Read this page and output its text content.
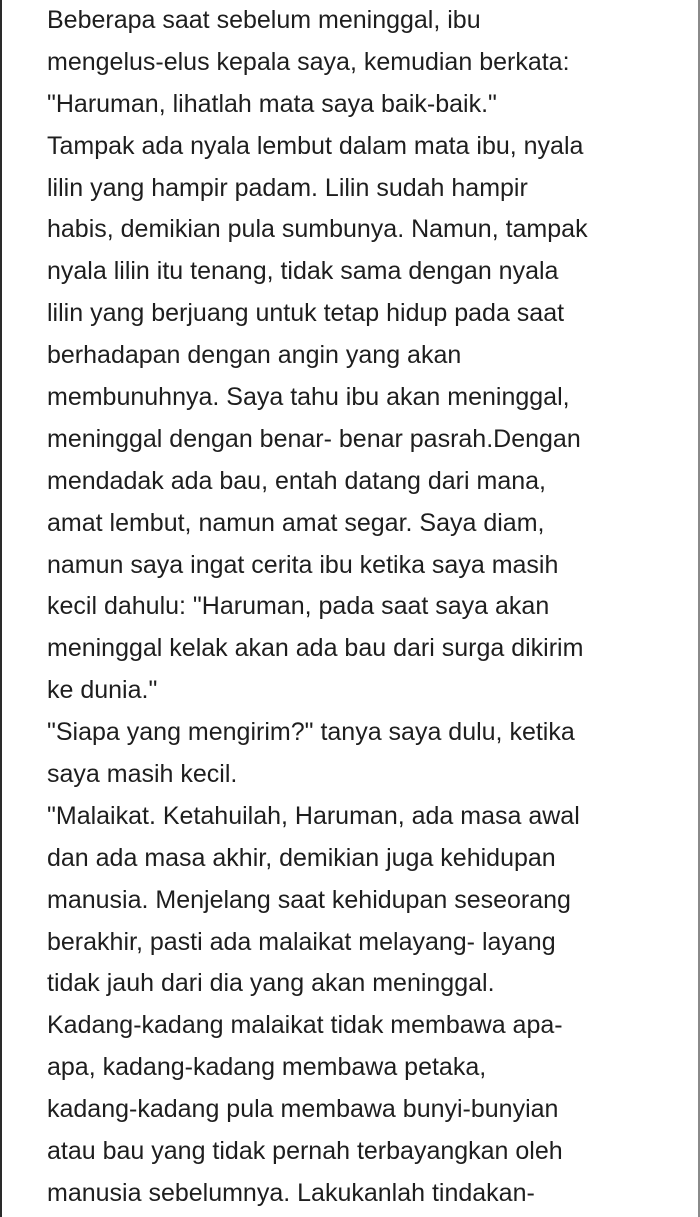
Beberapa saat sebelum meninggal, ibu
mengelus-elus kepala saya, kemudian berkata:
"Haruman, lihatlah mata saya baik-baik."
Tampak ada nyala lembut dalam mata ibu, nyala
lilin yang hampir padam. Lilin sudah hampir
habis, demikian pula sumbunya. Namun, tampak
nyala lilin itu tenang, tidak sama dengan nyala
lilin yang berjuang untuk tetap hidup pada saat
berhadapan dengan angin yang akan
membunuhnya. Saya tahu ibu akan meninggal,
meninggal dengan benar- benar pasrah.Dengan
mendadak ada bau, entah datang dari mana,
amat lembut, namun amat segar. Saya diam,
namun saya ingat cerita ibu ketika saya masih
kecil dahulu: "Haruman, pada saat saya akan
meninggal kelak akan ada bau dari surga dikirim
ke dunia."
"Siapa yang mengirim?" tanya saya dulu, ketika
saya masih kecil.
"Malaikat. Ketahuilah, Haruman, ada masa awal
dan ada masa akhir, demikian juga kehidupan
manusia. Menjelang saat kehidupan seseorang
berakhir, pasti ada malaikat melayang- layang
tidak jauh dari dia yang akan meninggal.
Kadang-kadang malaikat tidak membawa apa-
apa, kadang-kadang membawa petaka,
kadang-kadang pula membawa bunyi-bunyian
atau bau yang tidak pernah terbayangkan oleh
manusia sebelumnya. Lakukanlah tindakan-
